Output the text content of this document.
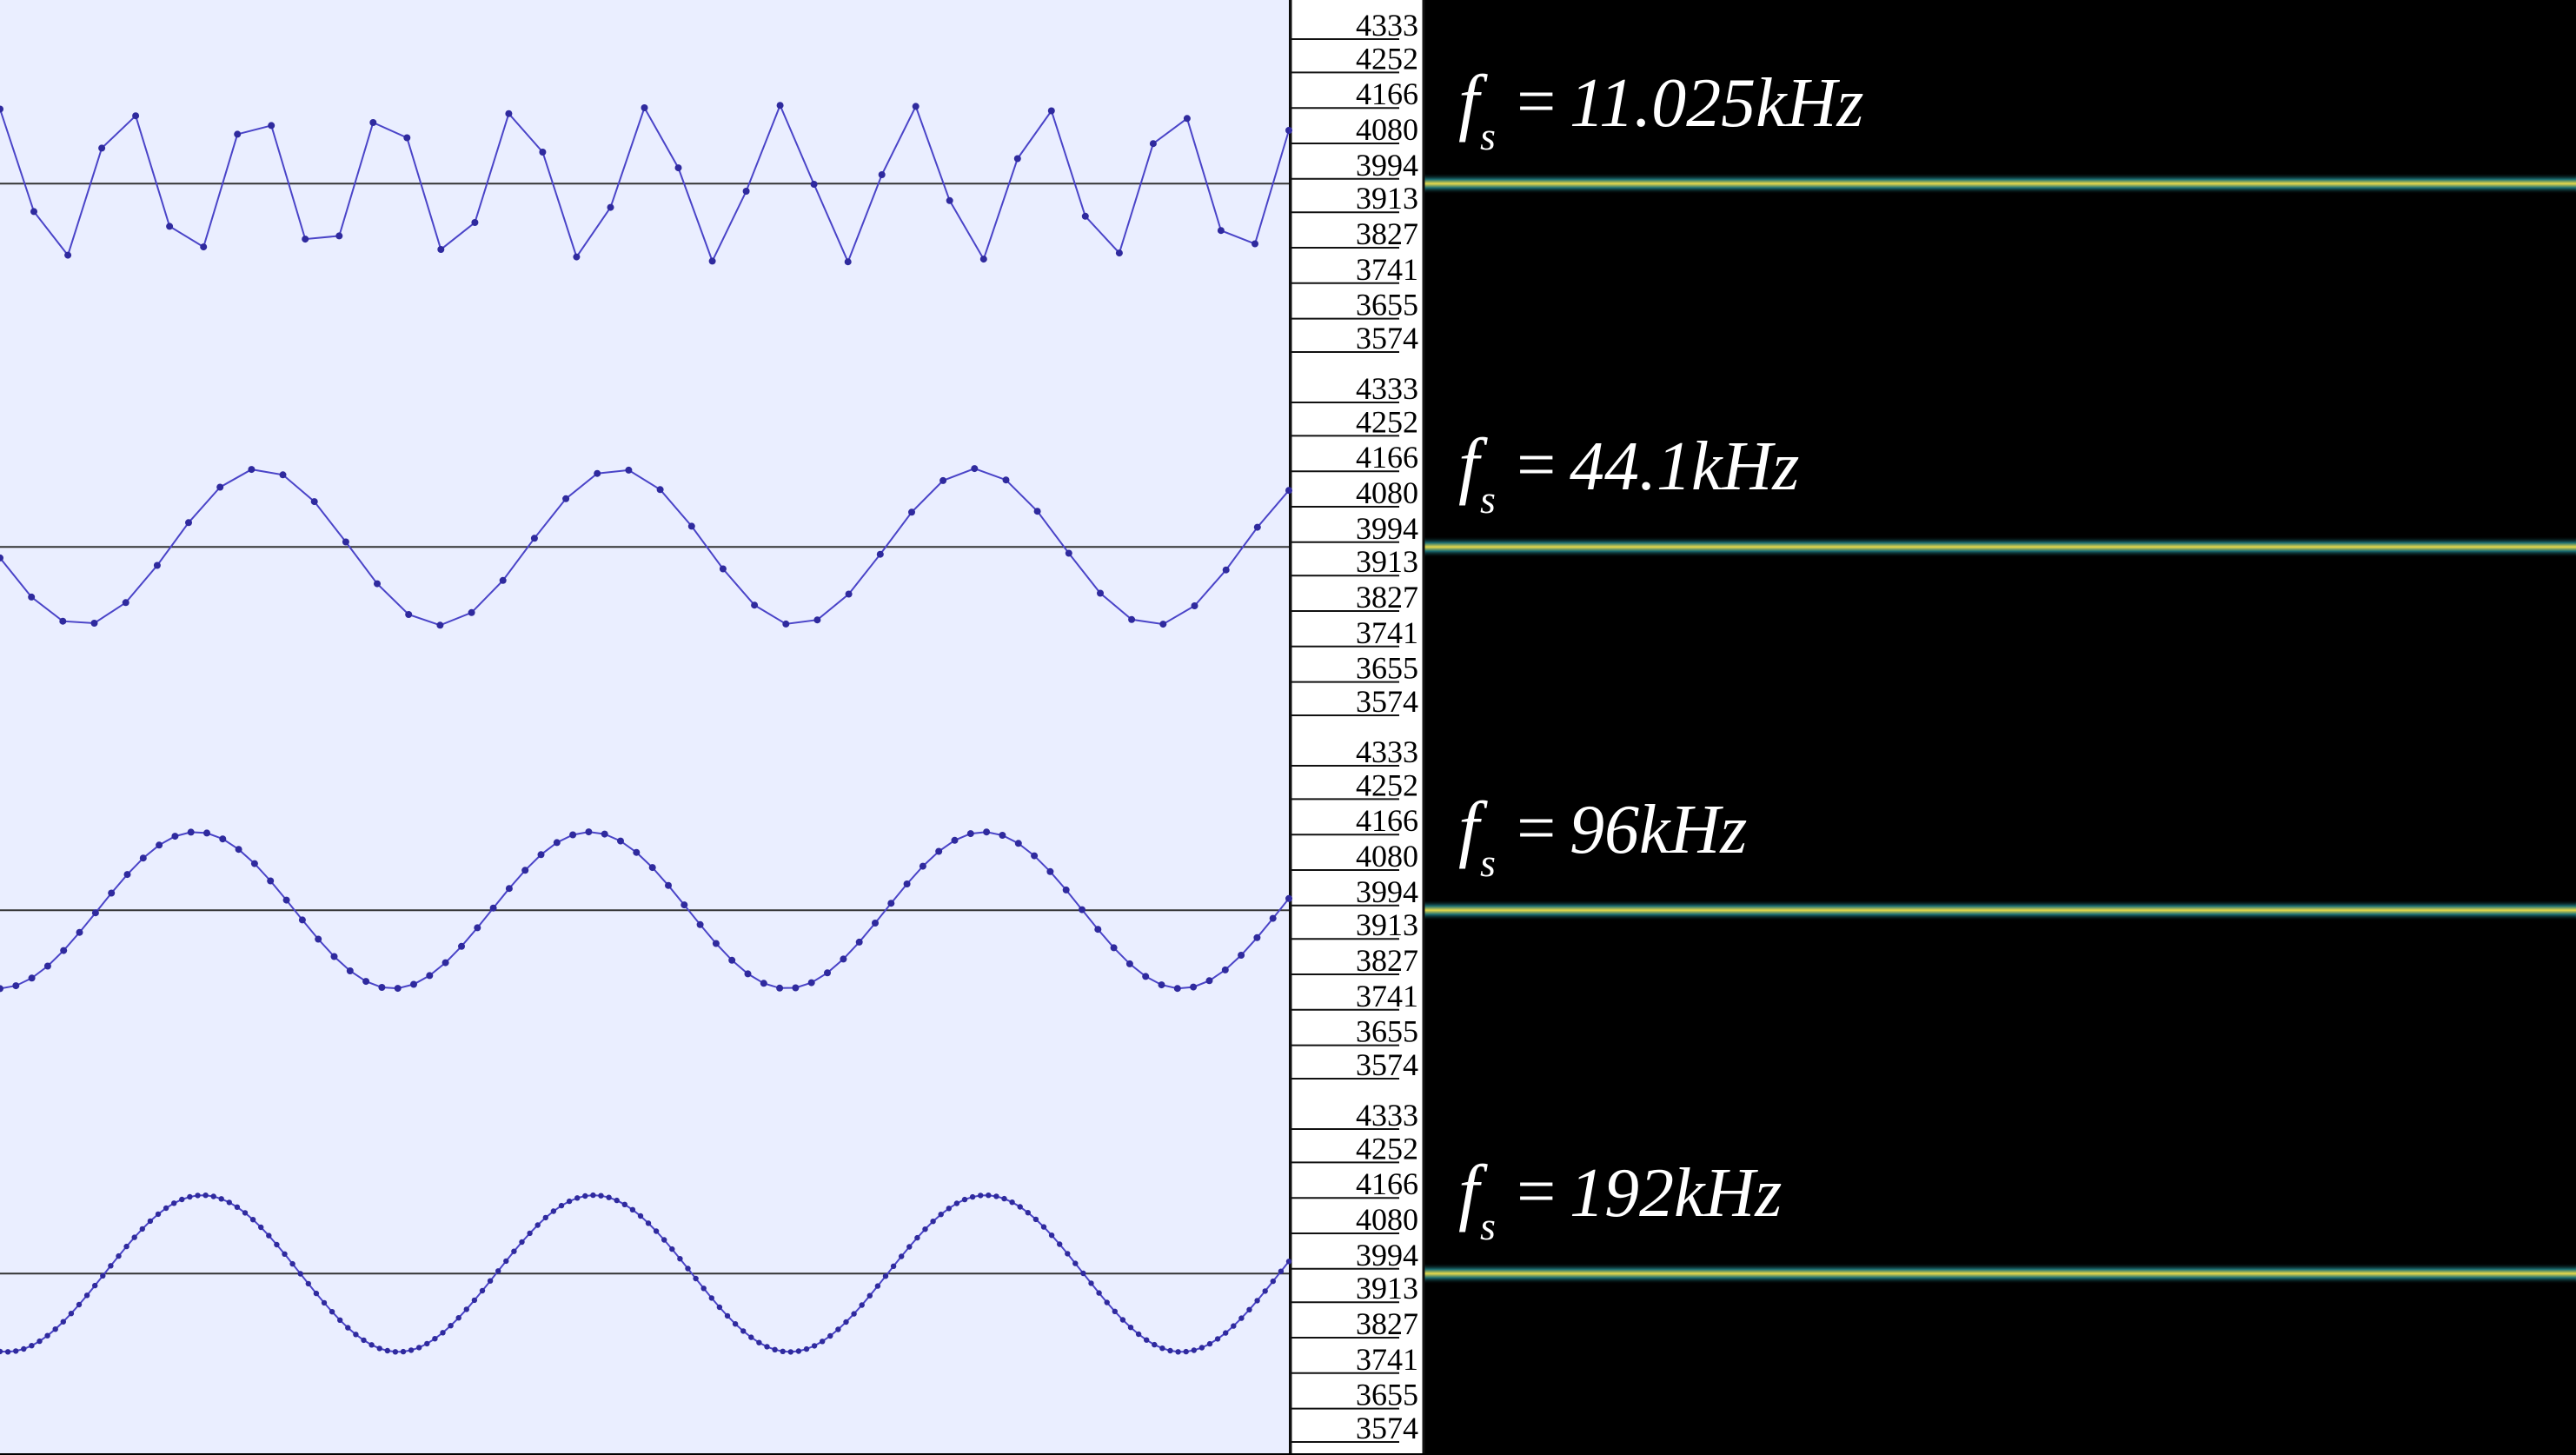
4333
4252
4166
4080
3994
3913
3827
3741
3655
3574
f s = 11.025kHz
4333
4252
4166
4080
3994
3913
3827
3741
3655
3574
f s = 44.1kHz
4333
4252
4166
4080
3994
3913
3827
3741
3655
3574
f s = 96kHz
4333
4252
4166
4080
3994
3913
3827
3741
3655
3574
f s = 192kHz
